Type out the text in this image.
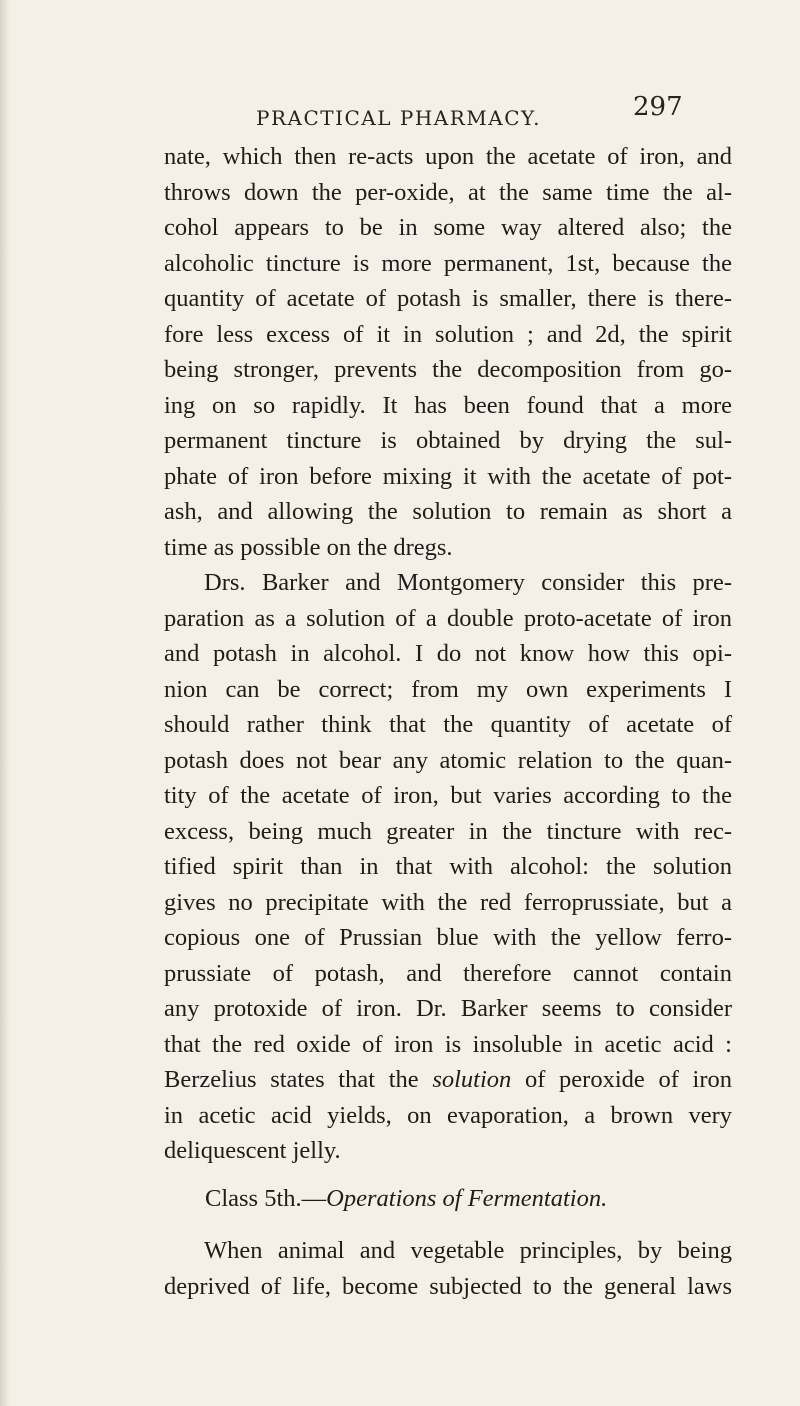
PRACTICAL PHARMACY.	297
nate, which then re-acts upon the acetate of iron, and
throws down the per-oxide, at the same time the al-
cohol appears to be in some way altered also; the
alcoholic tincture is more permanent, 1st, because the
quantity of acetate of potash is smaller, there is there-
fore less excess of it in solution ; and 2d, the spirit
being stronger, prevents the decomposition from go-
ing on so rapidly. It has been found that a more
permanent tincture is obtained by drying the sul-
phate of iron before mixing it with the acetate of pot-
ash, and allowing the solution to remain as short a
time as possible on the dregs.
Drs. Barker and Montgomery consider this pre-
paration as a solution of a double proto-acetate of iron
and potash in alcohol. I do not know how this opi-
nion can be correct; from my own experiments I
should rather think that the quantity of acetate of
potash does not bear any atomic relation to the quan-
tity of the acetate of iron, but varies according to the
excess, being much greater in the tincture with rec-
tified spirit than in that with alcohol: the solution
gives no precipitate with the red ferroprussiate, but a
copious one of Prussian blue with the yellow ferro-
prussiate of potash, and therefore cannot contain
any protoxide of iron. Dr. Barker seems to consider
that the red oxide of iron is insoluble in acetic acid :
Berzelius states that the solution of peroxide of iron
in acetic acid yields, on evaporation, a brown very
deliquescent jelly.
Class 5th.—Operations of Fermentation.
When animal and vegetable principles, by being
deprived of life, become subjected to the general laws
